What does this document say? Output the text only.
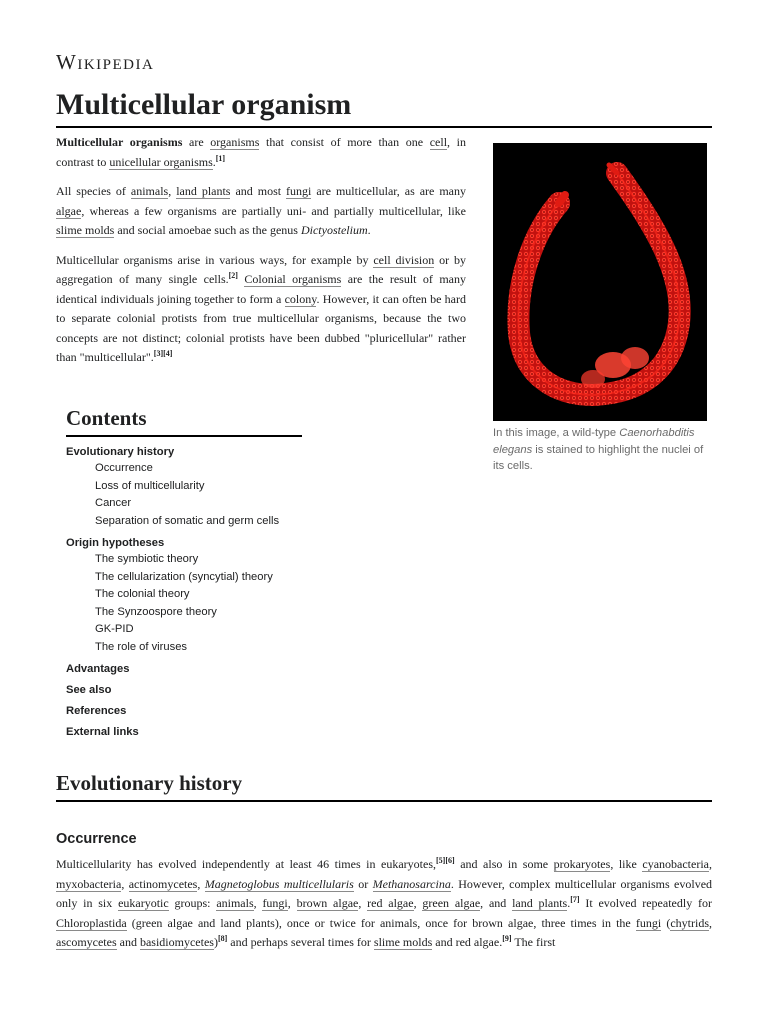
Wikipedia
Multicellular organism

Multicellular organisms are organisms that consist of more than one cell, in contrast to unicellular organisms.[1]

All species of animals, land plants and most fungi are multicellular, as are many algae, whereas a few organisms are partially uni- and partially multicellular, like slime molds and social amoebae such as the genus Dictyostelium.

Multicellular organisms arise in various ways, for example by cell division or by aggregation of many single cells.[2] Colonial organisms are the result of many identical individuals joining together to form a colony. However, it can often be hard to separate colonial protists from true multicellular organisms, because the two concepts are not distinct; colonial protists have been dubbed "pluricellular" rather than "multicellular".[3][4]

In this image, a wild-type Caenorhabditis elegans is stained to highlight the nuclei of its cells.
Contents
Evolutionary history
Occurrence
Loss of multicellularity
Cancer
Separation of somatic and germ cells
Origin hypotheses
The symbiotic theory
The cellularization (syncytial) theory
The colonial theory
The Synzoospore theory
GK-PID
The role of viruses
Advantages
See also
References
External links
Evolutionary history
Occurrence

Multicellularity has evolved independently at least 46 times in eukaryotes,[5][6] and also in some prokaryotes, like cyanobacteria, myxobacteria, actinomycetes, Magnetoglobus multicellularis or Methanosarcina. However, complex multicellular organisms evolved only in six eukaryotic groups: animals, fungi, brown algae, red algae, green algae, and land plants.[7] It evolved repeatedly for Chloroplastida (green algae and land plants), once or twice for animals, once for brown algae, three times in the fungi (chytrids, ascomycetes and basidiomycetes)[8] and perhaps several times for slime molds and red algae.[9] The first
